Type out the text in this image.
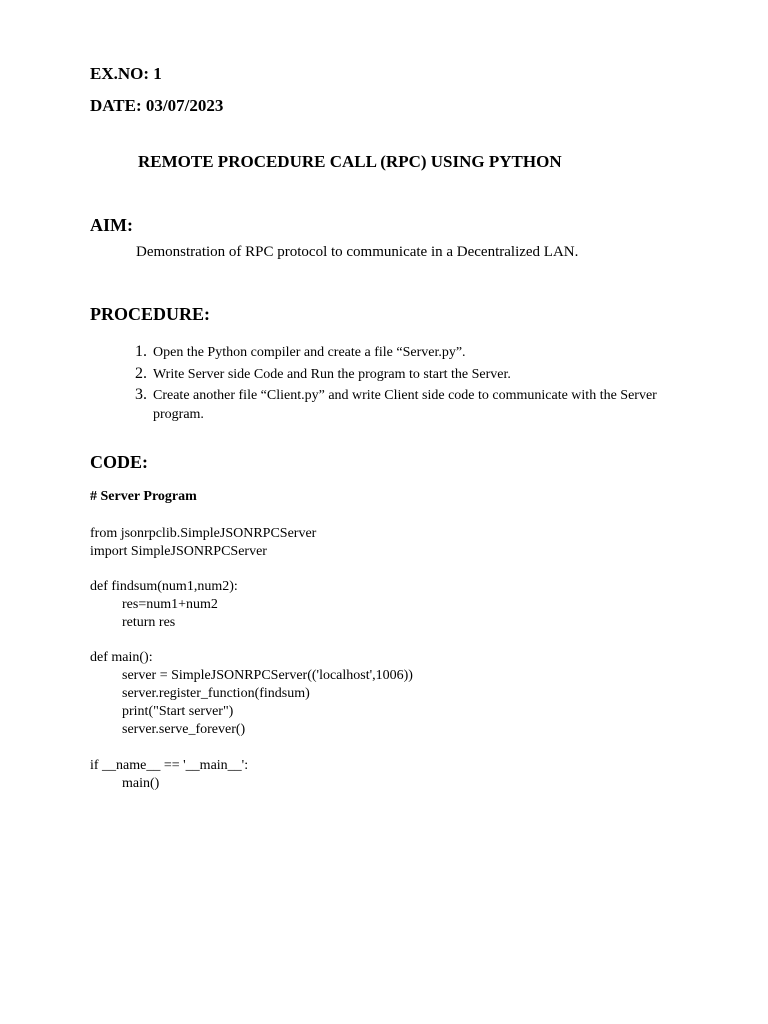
EX.NO: 1
DATE: 03/07/2023
REMOTE PROCEDURE CALL (RPC) USING PYTHON
AIM:
Demonstration of RPC protocol to communicate in a Decentralized LAN.
PROCEDURE:
1. Open the Python compiler and create a file “Server.py”.
2. Write Server side Code and Run the program to start the Server.
3. Create another file “Client.py” and write Client side code to communicate with the Server
program.
CODE:
# Server Program
from jsonrpclib.SimpleJSONRPCServer
import SimpleJSONRPCServer
def findsum(num1,num2):
res=num1+num2
return res
def main():
server = SimpleJSONRPCServer(('localhost',1006))
server.register_function(findsum)
print("Start server")
server.serve_forever()
if __name__ == '__main__':
main()
